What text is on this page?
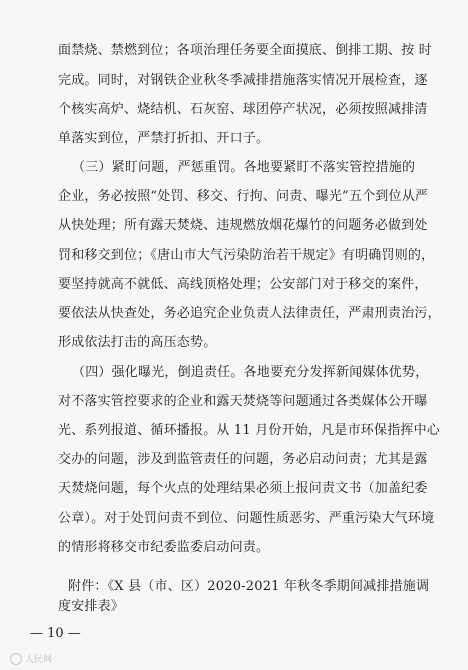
面禁烧、禁燃到位；各项治理任务要全面摸底、倒排工期、按 时
完成。同时，对钢铁企业秋冬季减排措施落实情况开展检查，逐
个核实高炉、烧结机、石灰窑、球团停产状况，必须按照减排清
单落实到位，严禁打折扣、开口子。
（三）紧盯问题，严惩重罚。各地要紧盯不落实管控措施的
企业，务必按照“处罚、移交、行拘、问责、曝光”五个到位从严
从快处理；所有露天焚烧、违规燃放烟花爆竹的问题务必做到处
罚和移交到位；《唐山市大气污染防治若干规定》有明确罚则的，
要坚持就高不就低、高线顶格处理；公安部门对于移交的案件，
要依法从快查处，务必追究企业负责人法律责任，严肃刑责治污，
形成依法打击的高压态势。
（四）强化曝光，倒追责任。各地要充分发挥新闻媒体优势，
对不落实管控要求的企业和露天焚烧等问题通过各类媒体公开曝
光、系列报道、循环播报。从 11 月份开始，凡是市环保指挥中心
交办的问题，涉及到监管责任的问题，务必启动问责；尤其是露
天焚烧问题，每个火点的处理结果必须上报问责文书（加盖纪委
公章）。对于处罚问责不到位、问题性质恶劣、严重污染大气环境
的情形将移交市纪委监委启动问责。
附件：《X 县（市、区）2020-2021 年秋冬季期间减排措施调
度安排表》
— 10 —
人民网
